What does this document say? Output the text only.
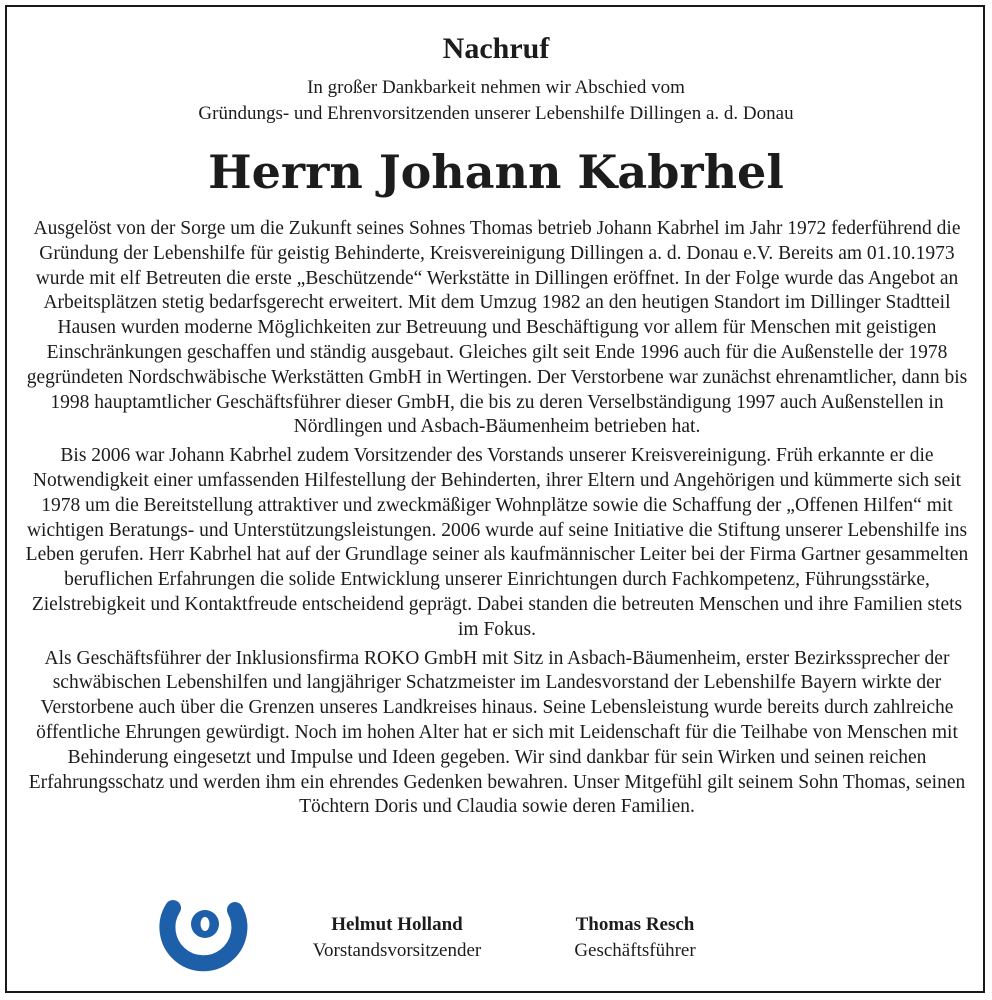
Nachruf
In großer Dankbarkeit nehmen wir Abschied vom
Gründungs- und Ehrenvorsitzenden unserer Lebenshilfe Dillingen a. d. Donau
Herrn Johann Kabrhel

Ausgelöst von der Sorge um die Zukunft seines Sohnes Thomas betrieb Johann Kabrhel im Jahr 1972 federführend die Gründung der Lebenshilfe für geistig Behinderte, Kreisvereinigung Dillingen a. d. Donau e.V. Bereits am 01.10.1973 wurde mit elf Betreuten die erste „Beschützende“ Werkstätte in Dillingen eröffnet. In der Folge wurde das Angebot an Arbeitsplätzen stetig bedarfsgerecht erweitert. Mit dem Umzug 1982 an den heutigen Standort im Dillinger Stadtteil Hausen wurden moderne Möglichkeiten zur Betreuung und Beschäftigung vor allem für Menschen mit geistigen Einschränkungen geschaffen und ständig ausgebaut. Gleiches gilt seit Ende 1996 auch für die Außenstelle der 1978 gegründeten Nordschwäbische Werkstätten GmbH in Wertingen. Der Verstorbene war zunächst ehrenamtlicher, dann bis 1998 hauptamtlicher Geschäftsführer dieser GmbH, die bis zu deren Verselbständigung 1997 auch Außenstellen in Nördlingen und Asbach-Bäumenheim betrieben hat.

Bis 2006 war Johann Kabrhel zudem Vorsitzender des Vorstands unserer Kreisvereinigung. Früh erkannte er die Notwendigkeit einer umfassenden Hilfestellung der Behinderten, ihrer Eltern und Angehörigen und kümmerte sich seit 1978 um die Bereitstellung attraktiver und zweckmäßiger Wohnplätze sowie die Schaffung der „Offenen Hilfen“ mit wichtigen Beratungs- und Unterstützungsleistungen. 2006 wurde auf seine Initiative die Stiftung unserer Lebenshilfe ins Leben gerufen. Herr Kabrhel hat auf der Grundlage seiner als kaufmännischer Leiter bei der Firma Gartner gesammelten beruflichen Erfahrungen die solide Entwicklung unserer Einrichtungen durch Fachkompetenz, Führungsstärke, Zielstrebigkeit und Kontaktfreude entscheidend geprägt. Dabei standen die betreuten Menschen und ihre Familien stets im Fokus.

Als Geschäftsführer der Inklusionsfirma ROKO GmbH mit Sitz in Asbach-Bäumenheim, erster Bezirkssprecher der schwäbischen Lebenshilfen und langjähriger Schatzmeister im Landesvorstand der Lebenshilfe Bayern wirkte der Verstorbene auch über die Grenzen unseres Landkreises hinaus. Seine Lebensleistung wurde bereits durch zahlreiche öffentliche Ehrungen gewürdigt. Noch im hohen Alter hat er sich mit Leidenschaft für die Teilhabe von Menschen mit Behinderung eingesetzt und Impulse und Ideen gegeben. Wir sind dankbar für sein Wirken und seinen reichen Erfahrungsschatz und werden ihm ein ehrendes Gedenken bewahren. Unser Mitgefühl gilt seinem Sohn Thomas, seinen Töchtern Doris und Claudia sowie deren Familien.

Helmut Holland
Vorstandsvorsitzender
Thomas Resch
Geschäftsführer
